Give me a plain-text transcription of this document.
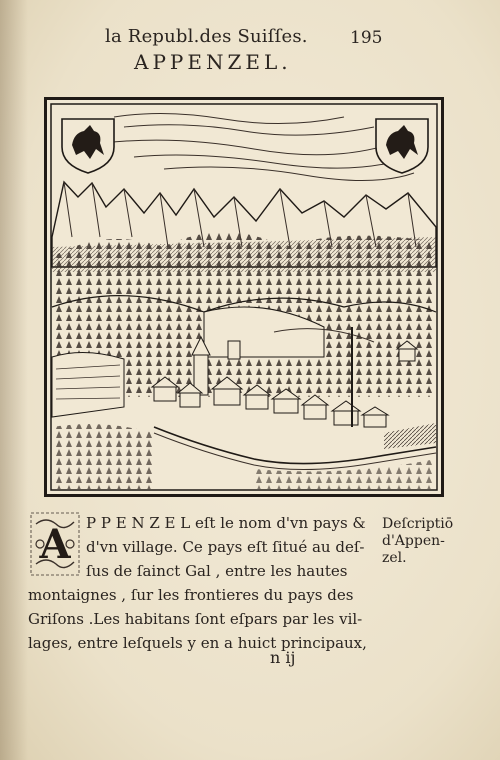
la Republ.des Suiſſes. 195
APPENZEL.
A P P E N Z E L eſt le nom d'vn pays &
d'vn village. Ce pays eſt ſitué au deſ-
ſus de ſainct Gal , entre les hautes
montaignes , ſur les frontieres du pays des
Griſons .Les habitans ſont eſpars par les vil-
lages, entre leſquels y en a huict principaux,
Deſcriptiō
d'Appen-
zel.
n ij
